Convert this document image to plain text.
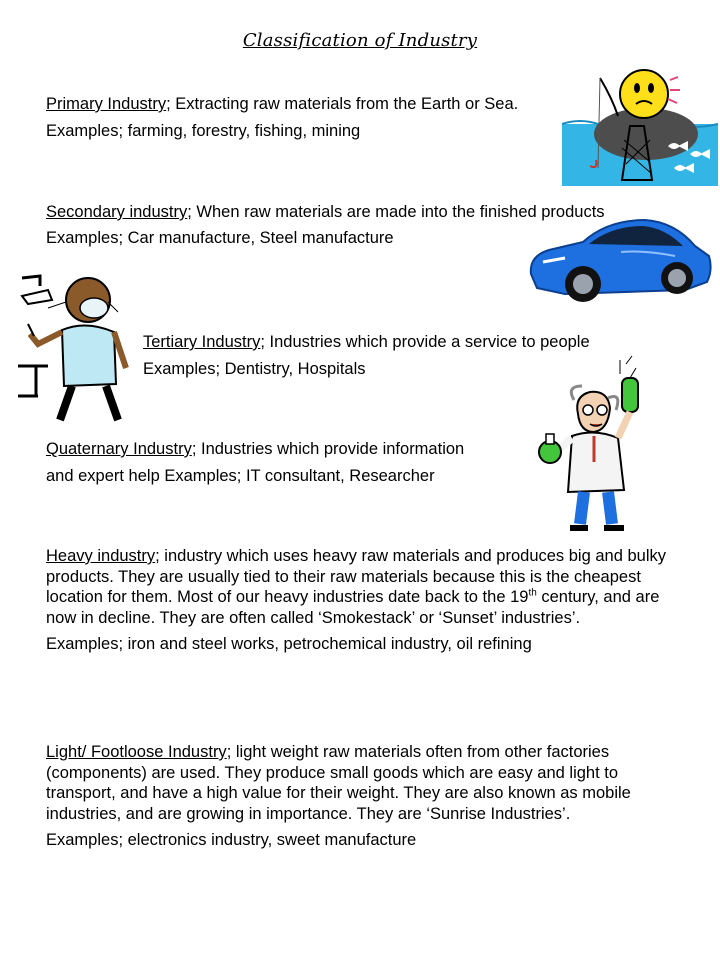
Classification of Industry
Primary Industry; Extracting raw materials from the Earth or Sea.
Examples; farming, forestry, fishing, mining
Secondary industry; When raw materials are made into the finished products
Examples; Car manufacture, Steel manufacture
Tertiary Industry; Industries which provide a service to people
Examples; Dentistry, Hospitals
Quaternary Industry; Industries which provide information
and expert help Examples; IT consultant, Researcher
Heavy industry; industry which uses heavy raw materials and produces big and bulky products. They are usually tied to their raw materials because this is the cheapest location for them. Most of our heavy industries date back to the 19th century, and are now in decline. They are often called ‘Smokestack’ or ‘Sunset’ industries’.
Examples; iron and steel works, petrochemical industry, oil refining
Light/ Footloose Industry; light weight raw materials often from other factories (components) are used. They produce small goods which are easy and light to transport, and have a high value for their weight. They are also known as mobile industries, and are growing in importance. They are ‘Sunrise Industries’.
Examples; electronics industry, sweet manufacture
